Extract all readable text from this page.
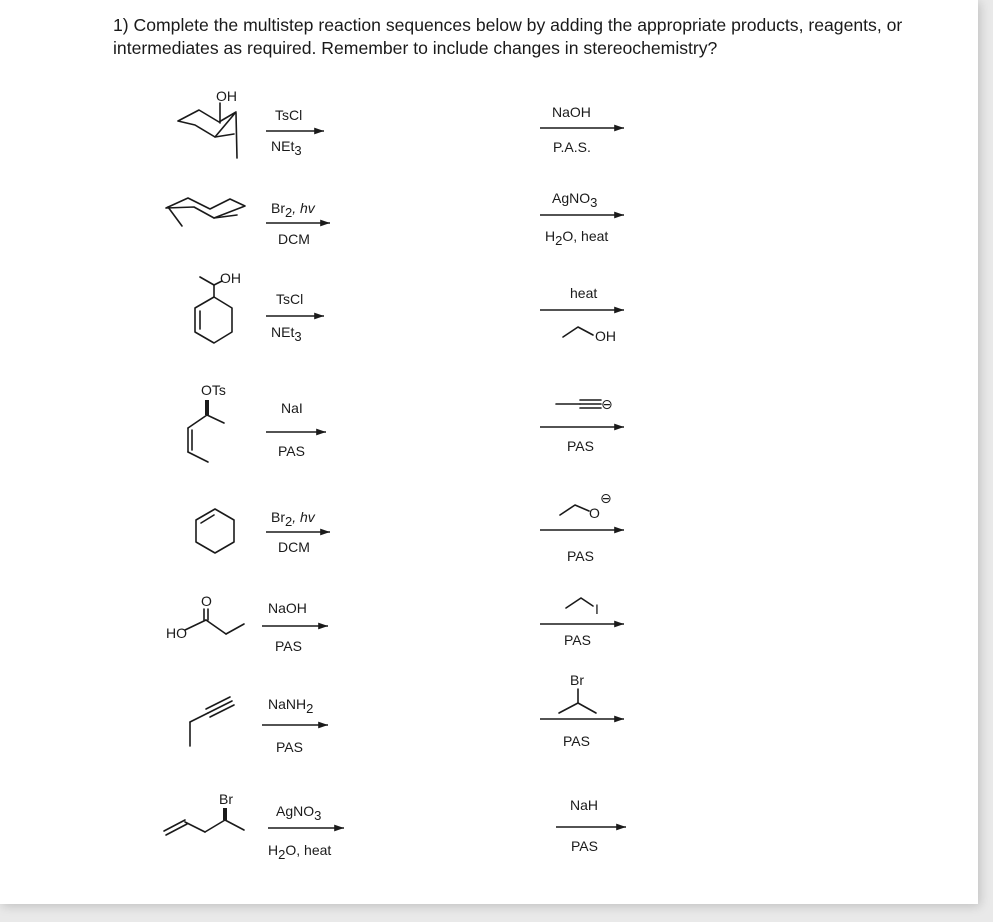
1) Complete the multistep reaction sequences below by adding the appropriate products, reagents, or intermediates as required. Remember to include changes in stereochemistry?

OH
TsCl
NEt3
NaOH
P.A.S.
Br2, hv
DCM
AgNO3
H2O, heat
OH
TsCl
NEt3
heat
OH
OTs
NaI
PAS
⊖
PAS
Br2, hv
DCM
O
⊖
PAS
O
HO
NaOH
PAS
I
PAS
NaNH2
PAS
Br
PAS
Br
AgNO3
H2O, heat
NaH
PAS
